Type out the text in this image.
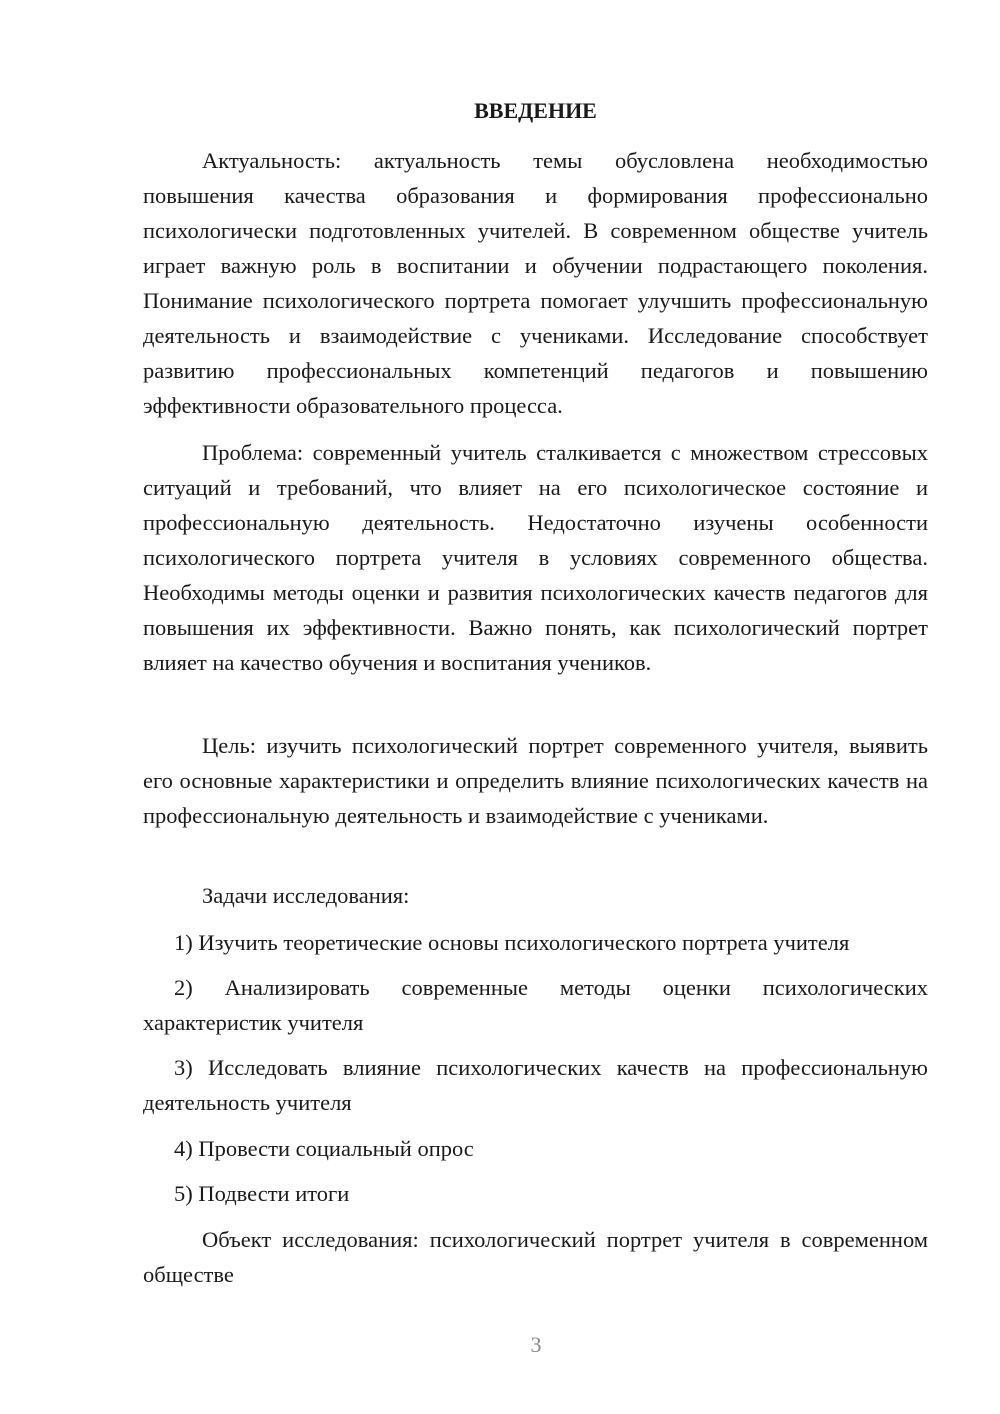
ВВЕДЕНИЕ

Актуальность: актуальность темы обусловлена необходимостью повышения качества образования и формирования профессионально психологически подготовленных учителей. В современном обществе учитель играет важную роль в воспитании и обучении подрастающего поколения. Понимание психологического портрета помогает улучшить профессиональную деятельность и взаимодействие с учениками. Исследование способствует развитию профессиональных компетенций педагогов и повышению эффективности образовательного процесса.

Проблема: современный учитель сталкивается с множеством стрессовых ситуаций и требований, что влияет на его психологическое состояние и профессиональную деятельность. Недостаточно изучены особенности психологического портрета учителя в условиях современного общества. Необходимы методы оценки и развития психологических качеств педагогов для повышения их эффективности. Важно понять, как психологический портрет влияет на качество обучения и воспитания учеников.

Цель: изучить психологический портрет современного учителя, выявить его основные характеристики и определить влияние психологических качеств на профессиональную деятельность и взаимодействие с учениками.

Задачи исследования:

1) Изучить теоретические основы психологического портрета учителя

2) Анализировать современные методы оценки психологических характеристик учителя

3) Исследовать влияние психологических качеств на профессиональную деятельность учителя

4) Провести социальный опрос

5) Подвести итоги

Объект исследования: психологический портрет учителя в современном обществе

3
